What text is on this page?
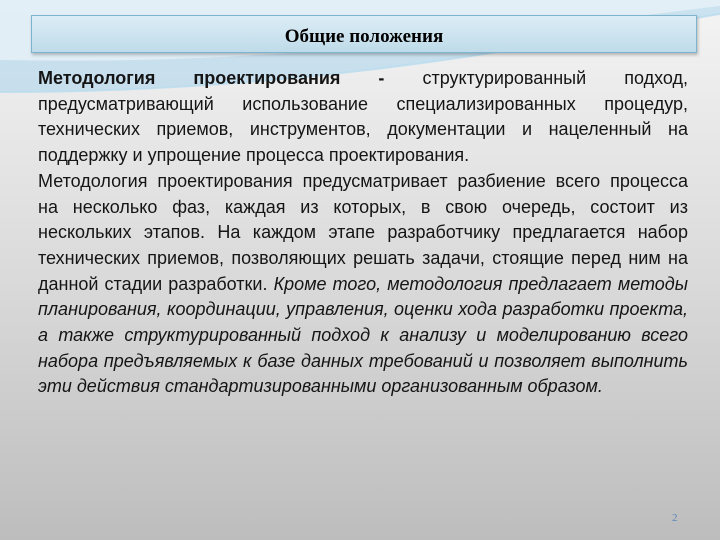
Общие положения

Методология проектирования - структурированный подход, предусматривающий использование специализированных процедур, технических приемов, инструментов, документации и нацеленный на поддержку и упрощение процесса проектирования.

Методология проектирования предусматривает разбиение всего процесса на несколько фаз, каждая из которых, в свою очередь, состоит из нескольких этапов. На каждом этапе разработчику предлагается набор технических приемов, позволяющих решать задачи, стоящие перед ним на данной стадии разработки. Кроме того, методология предлагает методы планирования, координации, управления, оценки хода разработки проекта, а также структурированный подход к анализу и моделированию всего набора предъявляемых к базе данных требований и позволяет выполнить эти действия стандартизированными организованным образом.

2
